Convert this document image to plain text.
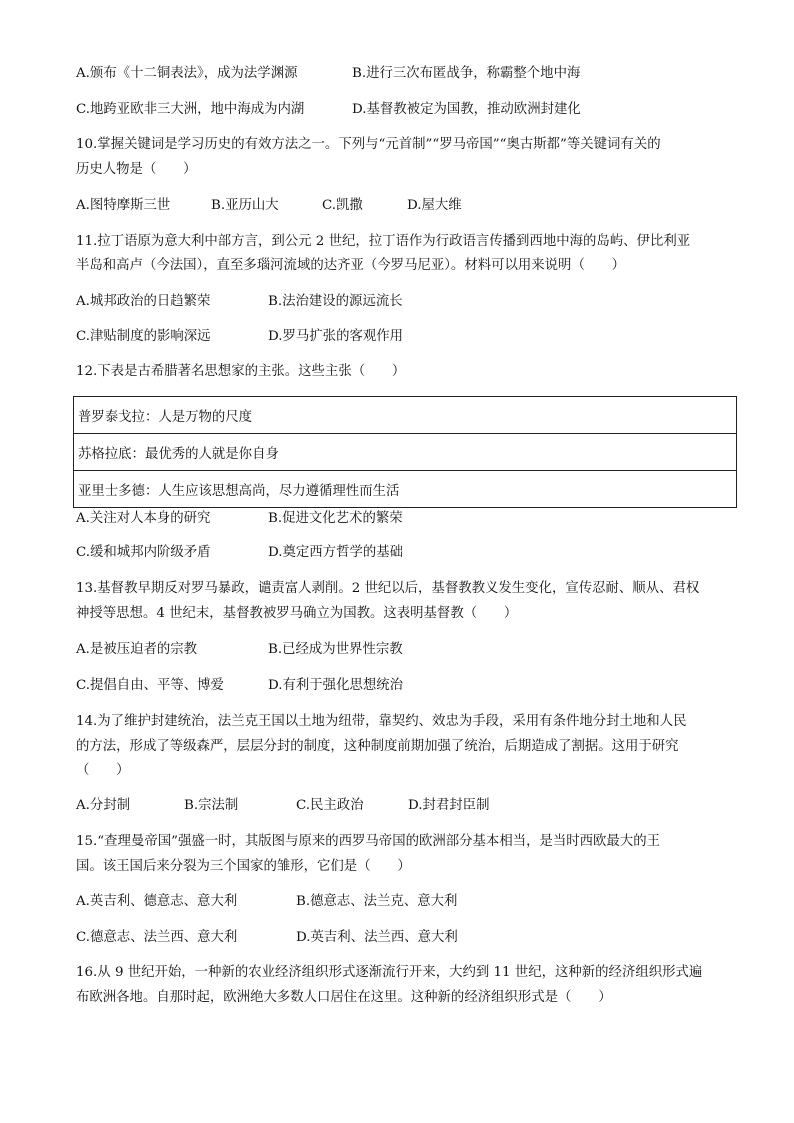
A.颁布《十二铜表法》，成为法学渊源	B.进行三次布匿战争，称霸整个地中海
C.地跨亚欧非三大洲，地中海成为内湖	D.基督教被定为国教，推动欧洲封建化
10.掌握关键词是学习历史的有效方法之一。下列与“元首制”“罗马帝国”“奥古斯都”等关键词有关的
历史人物是（　　）
A.图特摩斯三世	B.亚历山大	C.凯撒	D.屋大维
11.拉丁语原为意大利中部方言，到公元 2 世纪，拉丁语作为行政语言传播到西地中海的岛屿、伊比利亚
半岛和高卢（今法国），直至多瑙河流域的达齐亚（今罗马尼亚）。材料可以用来说明（　　）
A.城邦政治的日趋繁荣	B.法治建设的源远流长
C.津贴制度的影响深远	D.罗马扩张的客观作用
12.下表是古希腊著名思想家的主张。这些主张（　　）
普罗泰戈拉：人是万物的尺度
苏格拉底：最优秀的人就是你自身
亚里士多德：人生应该思想高尚，尽力遵循理性而生活
A.关注对人本身的研究	B.促进文化艺术的繁荣
C.缓和城邦内阶级矛盾	D.奠定西方哲学的基础
13.基督教早期反对罗马暴政，谴责富人剥削。2 世纪以后，基督教教义发生变化，宣传忍耐、顺从、君权
神授等思想。4 世纪末，基督教被罗马确立为国教。这表明基督教（　　）
A.是被压迫者的宗教	B.已经成为世界性宗教
C.提倡自由、平等、博爱	D.有利于强化思想统治
14.为了维护封建统治，法兰克王国以土地为纽带，靠契约、效忠为手段，采用有条件地分封土地和人民
的方法，形成了等级森严，层层分封的制度，这种制度前期加强了统治，后期造成了割据。这用于研究
（　　）
A.分封制	B.宗法制	C.民主政治	D.封君封臣制
15.“查理曼帝国”强盛一时，其版图与原来的西罗马帝国的欧洲部分基本相当，是当时西欧最大的王
国。该王国后来分裂为三个国家的雏形，它们是（　　）
A.英吉利、德意志、意大利	B.德意志、法兰克、意大利
C.德意志、法兰西、意大利	D.英吉利、法兰西、意大利
16.从 9 世纪开始，一种新的农业经济组织形式逐渐流行开来，大约到 11 世纪，这种新的经济组织形式遍
布欧洲各地。自那时起，欧洲绝大多数人口居住在这里。这种新的经济组织形式是（　　）
